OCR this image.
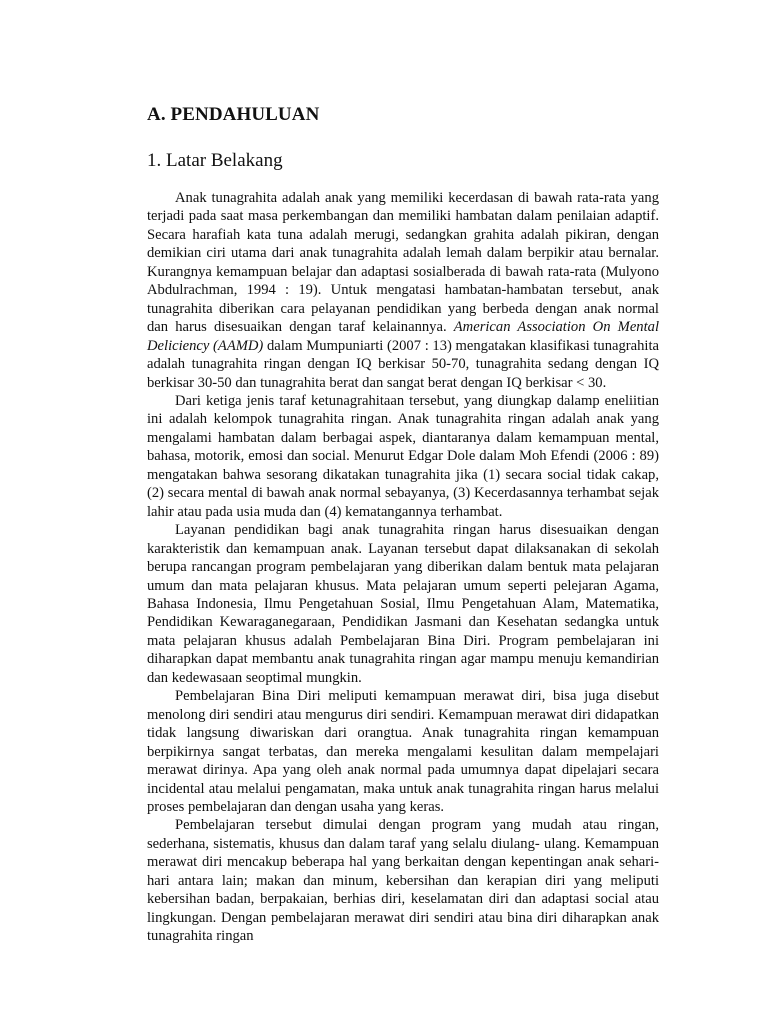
A. PENDAHULUAN
1. Latar Belakang

Anak tunagrahita adalah anak yang memiliki kecerdasan di bawah rata-rata yang terjadi pada saat masa perkembangan dan memiliki hambatan dalam penilaian adaptif. Secara harafiah kata tuna adalah merugi, sedangkan grahita adalah pikiran, dengan demikian ciri utama dari anak tunagrahita adalah lemah dalam berpikir atau bernalar. Kurangnya kemampuan belajar dan adaptasi sosialberada di bawah rata-rata (Mulyono Abdulrachman, 1994 : 19). Untuk mengatasi hambatan-hambatan tersebut, anak tunagrahita diberikan cara pelayanan pendidikan yang berbeda dengan anak normal dan harus disesuaikan dengan taraf kelainannya. American Association On Mental Deliciency (AAMD) dalam Mumpuniarti (2007 : 13) mengatakan klasifikasi tunagrahita adalah tunagrahita ringan dengan IQ berkisar 50-70, tunagrahita sedang dengan IQ berkisar 30-50 dan tunagrahita berat dan sangat berat dengan IQ berkisar < 30.

Dari ketiga jenis taraf ketunagrahitaan tersebut, yang diungkap dalamp eneliitian ini adalah kelompok tunagrahita ringan. Anak tunagrahita ringan adalah anak yang mengalami hambatan dalam berbagai aspek, diantaranya dalam kemampuan mental, bahasa, motorik, emosi dan social. Menurut Edgar Dole dalam Moh Efendi (2006 : 89) mengatakan bahwa sesorang dikatakan tunagrahita jika (1) secara social tidak cakap, (2) secara mental di bawah anak normal sebayanya, (3) Kecerdasannya terhambat sejak lahir atau pada usia muda dan (4) kematangannya terhambat.

Layanan pendidikan bagi anak tunagrahita ringan harus disesuaikan dengan karakteristik dan kemampuan anak. Layanan tersebut dapat dilaksanakan di sekolah berupa rancangan program pembelajaran yang diberikan dalam bentuk mata pelajaran umum dan mata pelajaran khusus. Mata pelajaran umum seperti pelejaran Agama, Bahasa Indonesia, Ilmu Pengetahuan Sosial, Ilmu Pengetahuan Alam, Matematika, Pendidikan Kewaraganegaraan, Pendidikan Jasmani dan Kesehatan sedangka untuk mata pelajaran khusus adalah Pembelajaran Bina Diri. Program pembelajaran ini diharapkan dapat membantu anak tunagrahita ringan agar mampu menuju kemandirian dan kedewasaan seoptimal mungkin.

Pembelajaran Bina Diri meliputi kemampuan merawat diri, bisa juga disebut menolong diri sendiri atau mengurus diri sendiri. Kemampuan merawat diri didapatkan tidak langsung diwariskan dari orangtua. Anak tunagrahita ringan kemampuan berpikirnya sangat terbatas, dan mereka mengalami kesulitan dalam mempelajari merawat dirinya. Apa yang oleh anak normal pada umumnya dapat dipelajari secara incidental atau melalui pengamatan, maka untuk anak tunagrahita ringan harus melalui proses pembelajaran dan dengan usaha yang keras.

Pembelajaran tersebut dimulai dengan program yang mudah atau ringan, sederhana, sistematis, khusus dan dalam taraf yang selalu diulang- ulang. Kemampuan merawat diri mencakup beberapa hal yang berkaitan dengan kepentingan anak sehari- hari antara lain; makan dan minum, kebersihan dan kerapian diri yang meliputi kebersihan badan, berpakaian, berhias diri, keselamatan diri dan adaptasi social atau lingkungan. Dengan pembelajaran merawat diri sendiri atau bina diri diharapkan anak tunagrahita ringan
